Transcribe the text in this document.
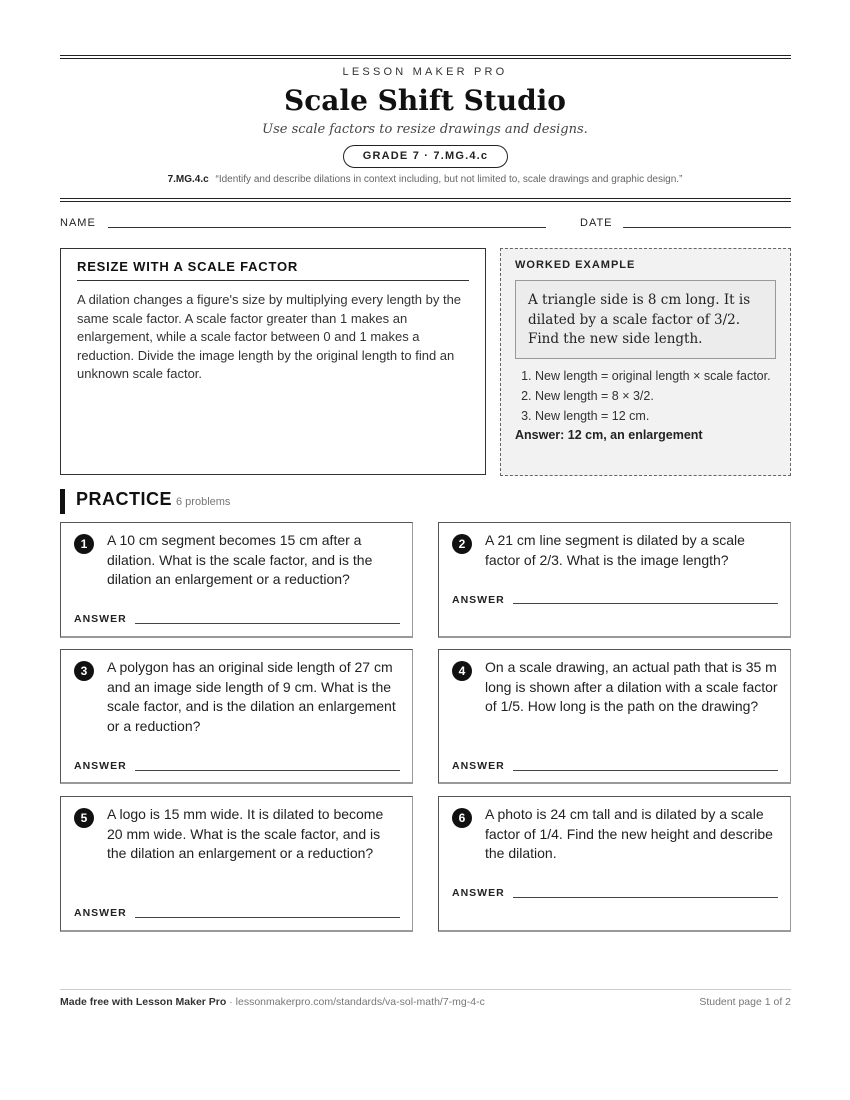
LESSON MAKER PRO
Scale Shift Studio
Use scale factors to resize drawings and designs.
GRADE 7 · 7.MG.4.c
7.MG.4.c “Identify and describe dilations in context including, but not limited to, scale drawings and graphic design.”
NAME	DATE
RESIZE WITH A SCALE FACTOR
A dilation changes a figure's size by multiplying every length by the same scale factor. A scale factor greater than 1 makes an enlargement, while a scale factor between 0 and 1 makes a reduction. Divide the image length by the original length to find an unknown scale factor.
WORKED EXAMPLE
A triangle side is 8 cm long. It is dilated by a scale factor of 3/2. Find the new side length.
1. New length = original length × scale factor.
2. New length = 8 × 3/2.
3. New length = 12 cm.
Answer: 12 cm, an enlargement
PRACTICE 6 problems
1	A 10 cm segment becomes 15 cm after a dilation. What is the scale factor, and is the dilation an enlargement or a reduction?
ANSWER
2	A 21 cm line segment is dilated by a scale factor of 2/3. What is the image length?
ANSWER
3	A polygon has an original side length of 27 cm and an image side length of 9 cm. What is the scale factor, and is the dilation an enlargement or a reduction?
ANSWER
4	On a scale drawing, an actual path that is 35 m long is shown after a dilation with a scale factor of 1/5. How long is the path on the drawing?
ANSWER
5	A logo is 15 mm wide. It is dilated to become 20 mm wide. What is the scale factor, and is the dilation an enlargement or a reduction?
ANSWER
6	A photo is 24 cm tall and is dilated by a scale factor of 1/4. Find the new height and describe the dilation.
ANSWER
Made free with Lesson Maker Pro · lessonmakerpro.com/standards/va-sol-math/7-mg-4-c	Student page 1 of 2
